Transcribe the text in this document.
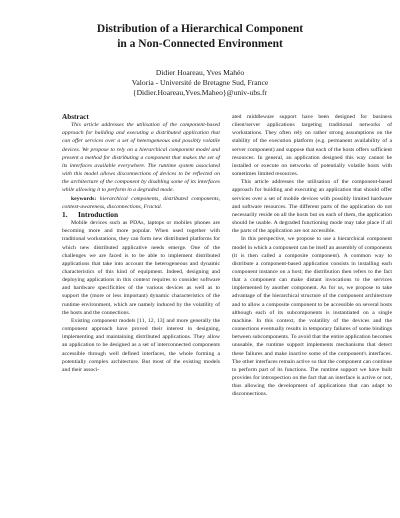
Distribution of a Hierarchical Component
in a Non-Connected Environment
Didier Hoareau, Yves Mahéo
Valoria - Université de Bretagne Sud, France
{Didier.Hoareau,Yves.Maheo}@univ-ubs.fr

Abstract

This article addresses the utilisation of the component-based approach for building and executing a distributed application that can offer services over a set of heterogeneous and possibly volatile devices. We propose to rely on a hierarchical component model and present a method for distributing a component that makes the set of its interfaces available everywhere. The runtime system associated with this model allows disconnections of devices to be reflected on the architecture of the component by disabling some of its interfaces while allowing it to perform in a degraded mode.

keywords: hierarchical components, distributed components, context-awareness, disconnections, Fractal.

1. Introduction

Mobile devices such as PDAs, laptops or mobiles phones are becoming more and more popular. When used together with traditional workstations, they can form new distributed platforms for which new distributed applicative needs emerge. One of the challenges we are faced is to be able to implement distributed applications that take into account the heterogeneous and dynamic characteristics of this kind of equipment. Indeed, designing and deploying applications in this context requires to consider software and hardware specificities of the various devices as well as to support the (more or less important) dynamic characteristics of the runtime environment, which are namely induced by the volatility of the hosts and the connections.

Existing component models [11, 12, 13] and more generally the component approach have proved their interest in designing, implementing and maintaining distributed applications. They allow an application to be designed as a set of interconnected components accessible through well defined interfaces, the whole forming a potentially complex architecture. But most of the existing models and their associ-

ated middleware support have been designed for business client/server applications targeting traditional networks of workstations. They often rely on rather strong assumptions on the stability of the execution platform (e.g. permanent availability of a server component) and suppose that each of the hosts offers sufficient resources. In general, an application designed this way cannot be installed or execute on networks of potentially volatile hosts with sometimes limited resources.

This article addresses the utilisation of the component-based approach for building and executing an application that should offer services over a set of mobile devices with possibly limited hardware and software resources. The different parts of the application do not necessarily reside on all the hosts but on each of them, the application should be usable. A degraded functioning mode may take place if all the parts of the application are not accessible.

In this perspective, we propose to use a hierarchical component model in which a component can be itself an assembly of components (it is then called a composite component). A common way to distribute a component-based application consists in installing each component instance on a host; the distribution then refers to the fact that a component can make distant invocations to the services implemented by another component. As for us, we propose to take advantage of the hierarchical structure of the component architecture and to allow a composite component to be accessible on several hosts although each of its subcomponents is instantiated on a single machine. In this context, the volatility of the devices and the connections eventually results in temporary failures of some bindings between subcomponents. To avoid that the entire application becomes unusable, the runtime support implements mechanisms that detect these failures and make inactive some of the component's interfaces. The other interfaces remain active so that the component can continue to perform part of its functions. The runtime support we have built provides for introspection on the fact that an interface is active or not, thus allowing the development of applications that can adapt to disconnections.
